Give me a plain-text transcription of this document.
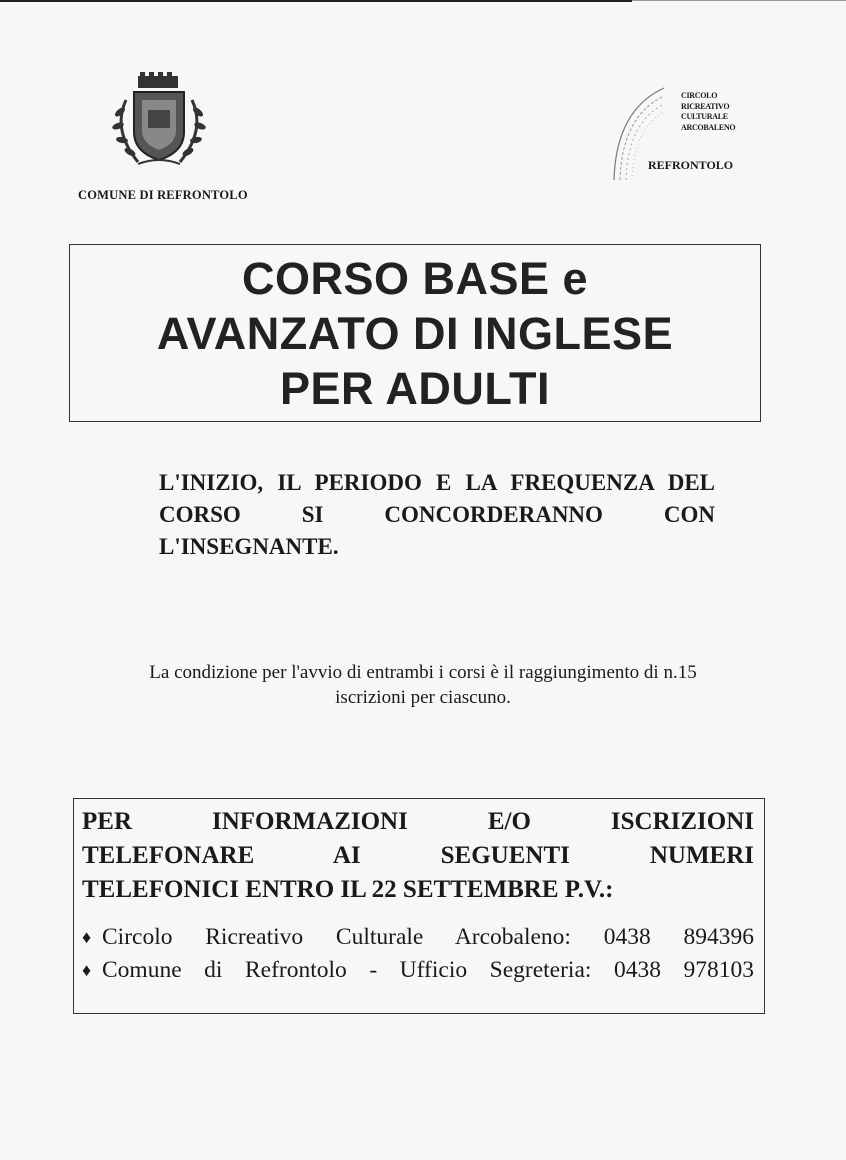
COMUNE DI REFRONTOLO
CIRCOLO
RICREATIVO
CULTURALE
ARCOBALENO
REFRONTOLO
CORSO BASE e
AVANZATO DI INGLESE
PER ADULTI
L'INIZIO, IL PERIODO E LA FREQUENZA DEL CORSO SI CONCORDERANNO CON L'INSEGNANTE.
La condizione per l'avvio di entrambi i corsi è il raggiungimento di n.15
iscrizioni per ciascuno.
PER INFORMAZIONI E/O ISCRIZIONI
TELEFONARE AI SEGUENTI NUMERI
TELEFONICI ENTRO IL 22 SETTEMBRE P.V.:
♦ Circolo Ricreativo Culturale Arcobaleno: 0438 894396
♦ Comune di Refrontolo - Ufficio Segreteria: 0438 978103
